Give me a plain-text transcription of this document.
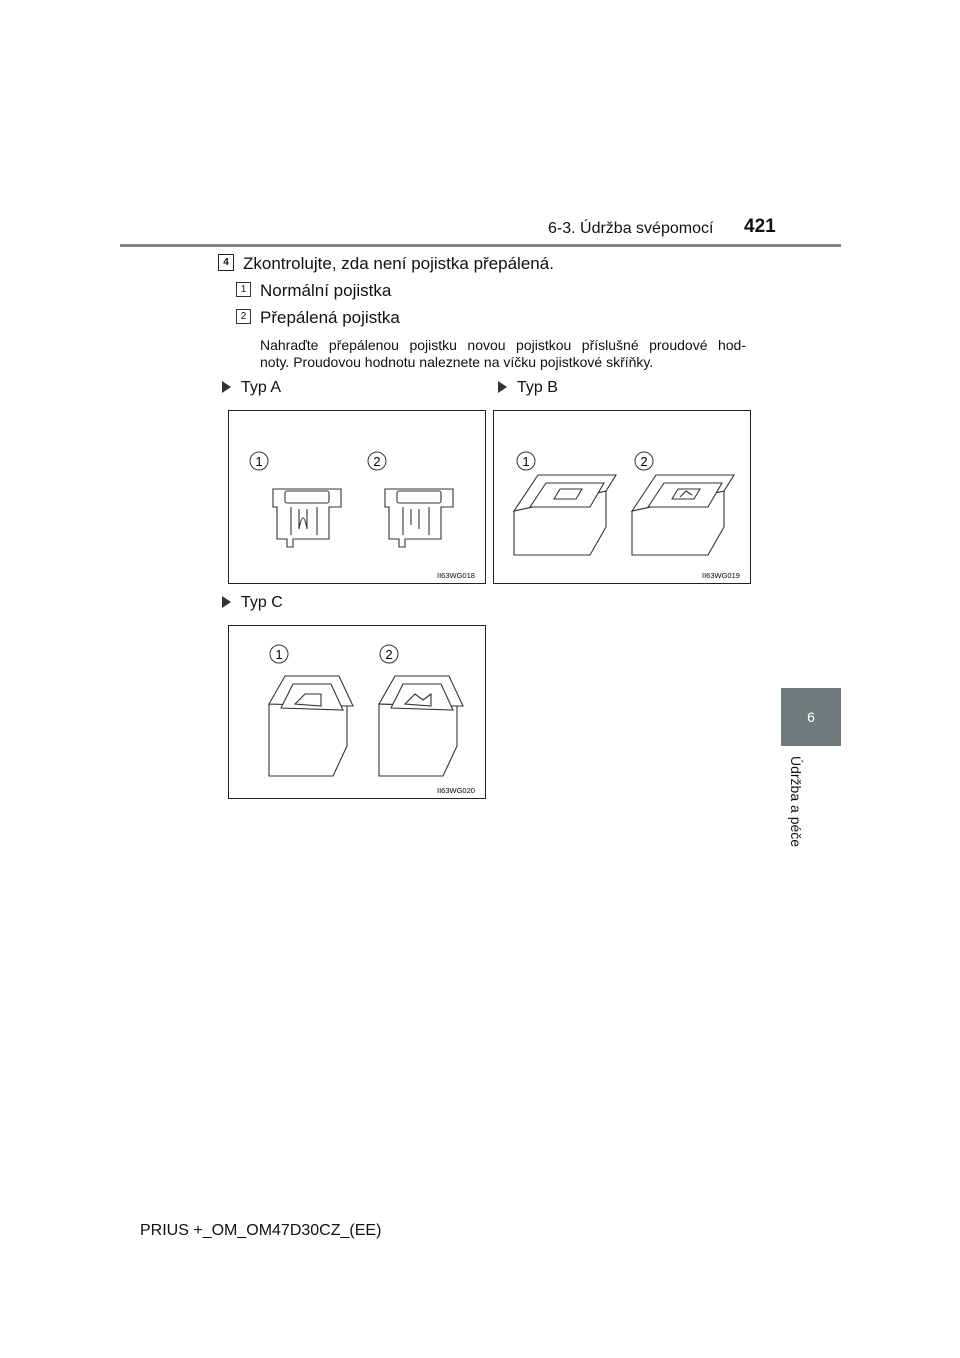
6-3. Údržba svépomocí 421
6
Údržba a péče
4 Zkontrolujte, zda není pojistka přepálená.
1 Normální pojistka
2 Přepálená pojistka
Nahraďte přepálenou pojistku novou pojistkou příslušné proudové hod-
noty. Proudovou hodnotu naleznete na víčku pojistkové skříňky.
Typ A	Typ B
Typ C
1	2
II63WG018
1	2
II63WG019
1	2
II63WG020
PRIUS +_OM_OM47D30CZ_(EE)
